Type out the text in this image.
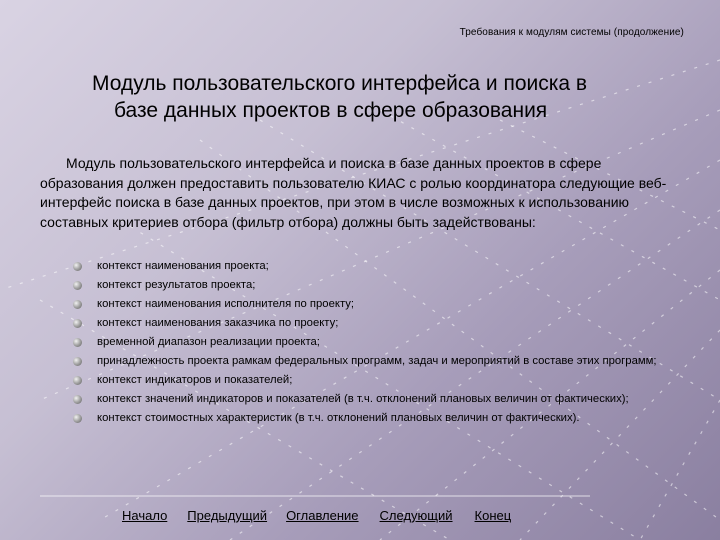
Требования к модулям системы (продолжение)
Модуль пользовательского интерфейса и поиска в
базе данных проектов в сфере образования
Модуль пользовательского интерфейса и поиска в базе данных проектов в сфере образования должен предоставить пользователю КИАС с ролью координатора следующие веб-интерфейс поиска в базе данных проектов, при этом в числе возможных к использованию составных критериев отбора (фильтр отбора) должны быть задействованы:
контекст наименования проекта;
контекст результатов проекта;
контекст наименования исполнителя по проекту;
контекст наименования заказчика по проекту;
временной диапазон реализации проекта;
принадлежность проекта рамкам федеральных программ, задач и мероприятий в составе этих программ;
контекст индикаторов и показателей;
контекст значений индикаторов и показателей (в т.ч. отклонений плановых величин от фактических);
контекст стоимостных характеристик (в т.ч. отклонений плановых величин от фактических).
Начало Предыдущий Оглавление Следующий Конец
